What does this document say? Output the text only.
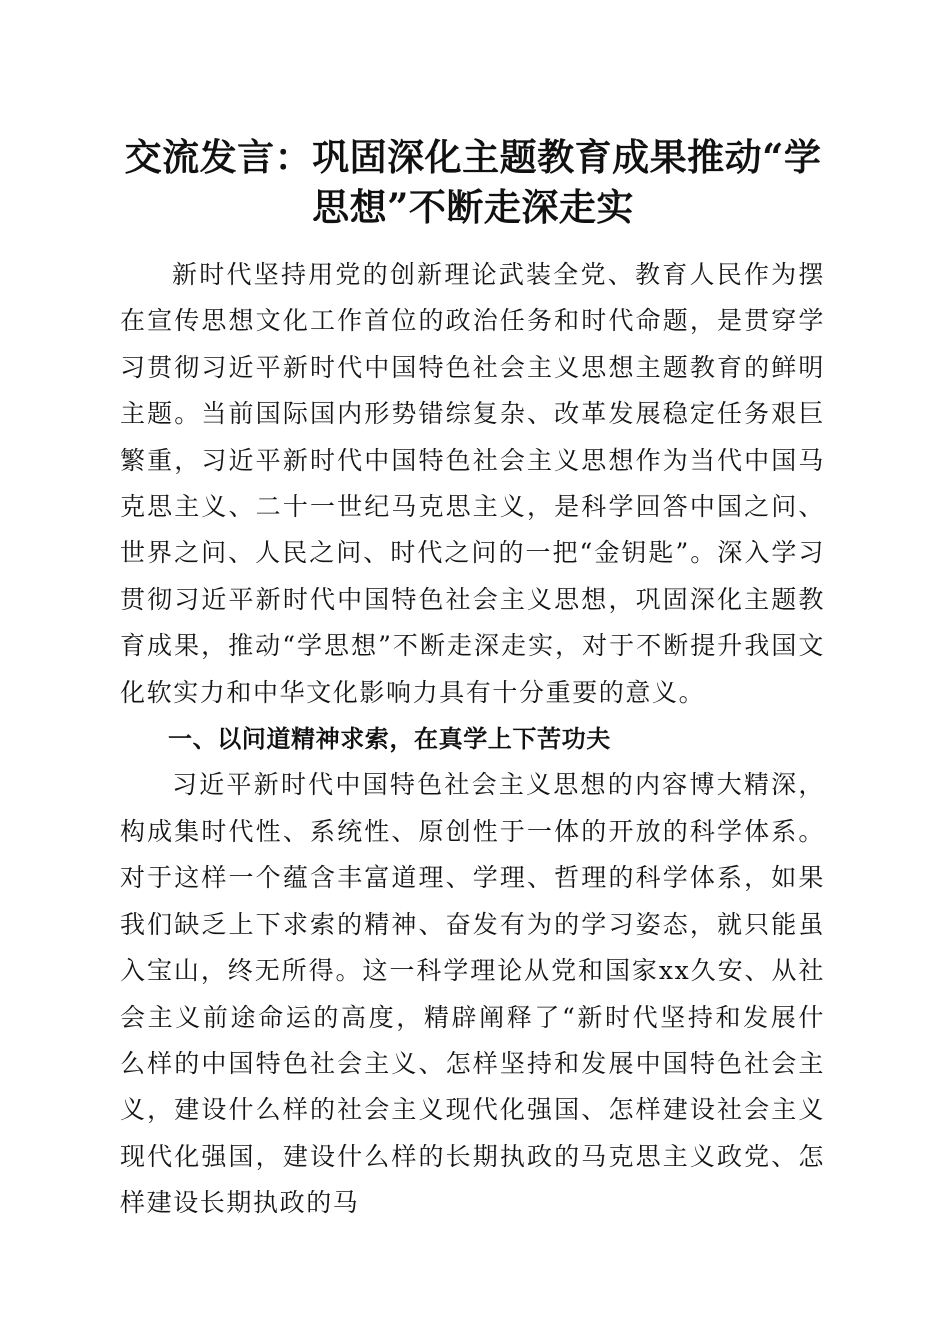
交流发言：巩固深化主题教育成果推动“学思想”不断走深走实

新时代坚持用党的创新理论武装全党、教育人民作为摆在宣传思想文化工作首位的政治任务和时代命题，是贯穿学习贯彻习近平新时代中国特色社会主义思想主题教育的鲜明主题。当前国际国内形势错综复杂、改革发展稳定任务艰巨繁重，习近平新时代中国特色社会主义思想作为当代中国马克思主义、二十一世纪马克思主义，是科学回答中国之问、世界之问、人民之问、时代之问的一把“金钥匙”。深入学习贯彻习近平新时代中国特色社会主义思想，巩固深化主题教育成果，推动“学思想”不断走深走实，对于不断提升我国文化软实力和中华文化影响力具有十分重要的意义。

一、以问道精神求索，在真学上下苦功夫

习近平新时代中国特色社会主义思想的内容博大精深，构成集时代性、系统性、原创性于一体的开放的科学体系。对于这样一个蕴含丰富道理、学理、哲理的科学体系，如果我们缺乏上下求索的精神、奋发有为的学习姿态，就只能虽入宝山，终无所得。这一科学理论从党和国家xx久安、从社会主义前途命运的高度，精辟阐释了“新时代坚持和发展什么样的中国特色社会主义、怎样坚持和发展中国特色社会主义，建设什么样的社会主义现代化强国、怎样建设社会主义现代化强国，建设什么样的长期执政的马克思主义政党、怎样建设长期执政的马
